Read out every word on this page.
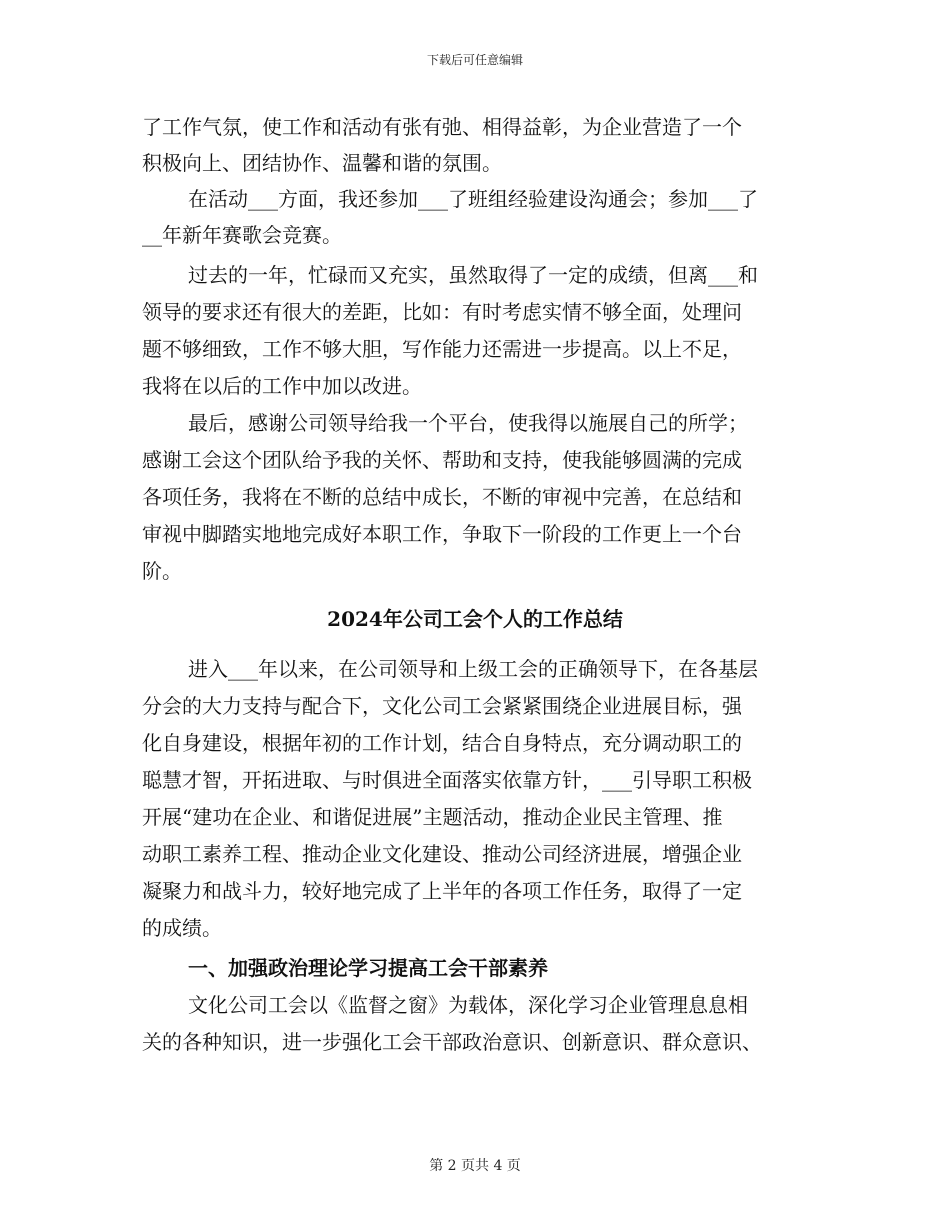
下载后可任意编辑
了工作气氛，使工作和活动有张有弛、相得益彰，为企业营造了一个
积极向上、团结协作、温馨和谐的氛围。
在活动___方面，我还参加___了班组经验建设沟通会；参加___了
__年新年赛歌会竞赛。
过去的一年，忙碌而又充实，虽然取得了一定的成绩，但离___和
领导的要求还有很大的差距，比如：有时考虑实情不够全面，处理问
题不够细致，工作不够大胆，写作能力还需进一步提高。以上不足，
我将在以后的工作中加以改进。
最后，感谢公司领导给我一个平台，使我得以施展自己的所学；
感谢工会这个团队给予我的关怀、帮助和支持，使我能够圆满的完成
各项任务，我将在不断的总结中成长，不断的审视中完善，在总结和
审视中脚踏实地地完成好本职工作，争取下一阶段的工作更上一个台
阶。
2024年公司工会个人的工作总结
进入___年以来，在公司领导和上级工会的正确领导下，在各基层
分会的大力支持与配合下，文化公司工会紧紧围绕企业进展目标，强
化自身建设，根据年初的工作计划，结合自身特点，充分调动职工的
聪慧才智，开拓进取、与时俱进全面落实依靠方针，___引导职工积极
开展“建功在企业、和谐促进展”主题活动，推动企业民主管理、推
动职工素养工程、推动企业文化建设、推动公司经济进展，增强企业
凝聚力和战斗力，较好地完成了上半年的各项工作任务，取得了一定
的成绩。
一、加强政治理论学习提高工会干部素养
文化公司工会以《监督之窗》为载体，深化学习企业管理息息相
关的各种知识，进一步强化工会干部政治意识、创新意识、群众意识、
第 2 页共 4 页
